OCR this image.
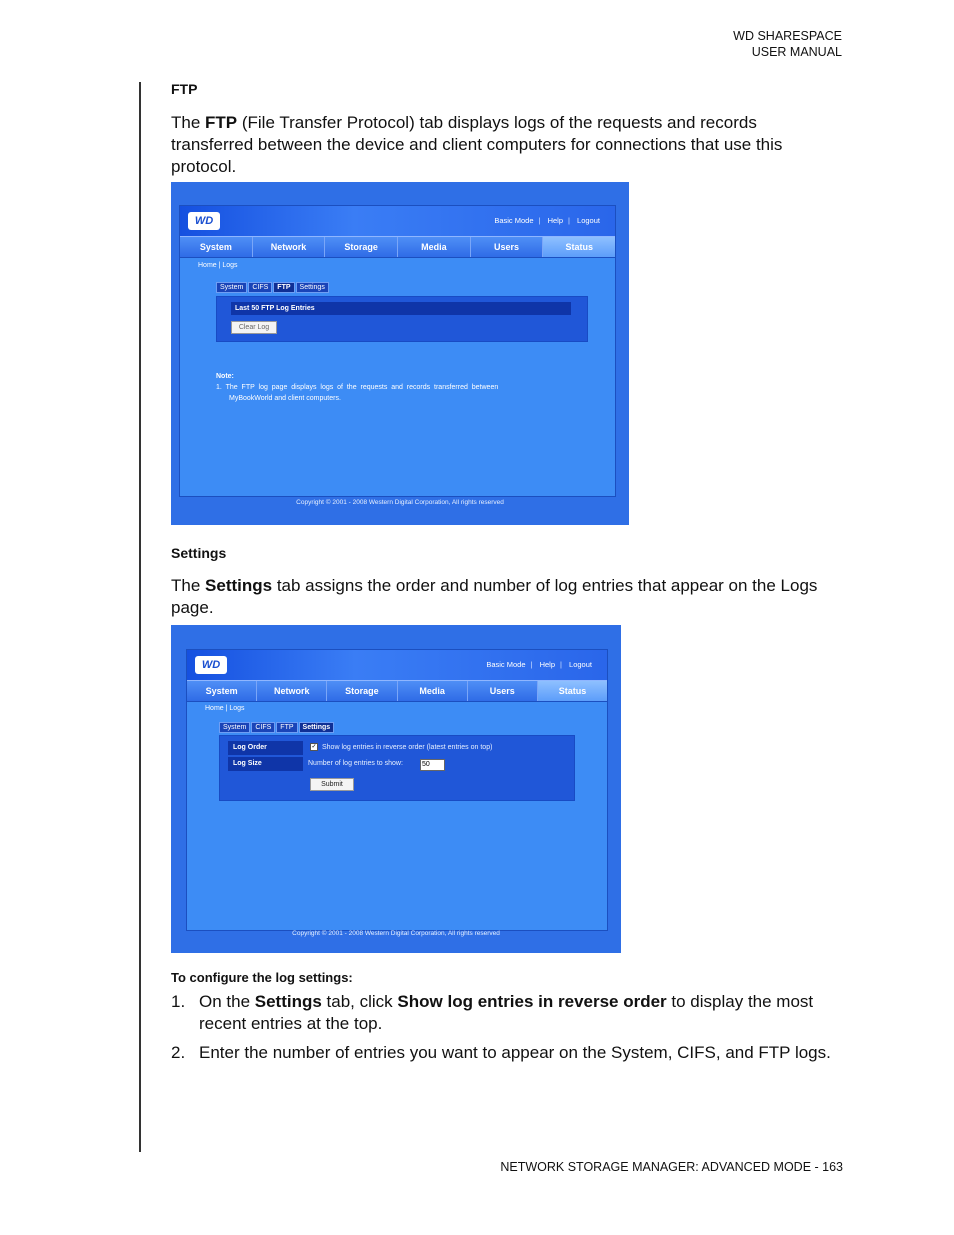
WD SHARESPACE
USER MANUAL
FTP
The FTP (File Transfer Protocol) tab displays logs of the requests and records transferred between the device and client computers for connections that use this protocol.
WD	Basic Mode | Help | Logout
System	Network	Storage	Media	Users	Status
Home | Logs
System	CIFS	FTP	Settings
Last 50 FTP Log Entries
Clear Log
Note:
1.  The  FTP  log  page  displays  logs  of  the  requests  and  records  transferred  between
MyBookWorld and client computers.
Copyright © 2001 - 2008 Western Digital Corporation, All rights reserved
Settings
The Settings tab assigns the order and number of log entries that appear on the Logs page.
WD	Basic Mode | Help | Logout
System	Network	Storage	Media	Users	Status
Home | Logs
System	CIFS	FTP	Settings
Log Order	✓ Show log entries in reverse order (latest entries on top)
Log Size	Number of log entries to show:	50
Submit
Copyright © 2001 - 2008 Western Digital Corporation, All rights reserved
To configure the log settings:
1. On the Settings tab, click Show log entries in reverse order to display the most recent entries at the top.
2. Enter the number of entries you want to appear on the System, CIFS, and FTP logs.
NETWORK STORAGE MANAGER: ADVANCED MODE - 163
